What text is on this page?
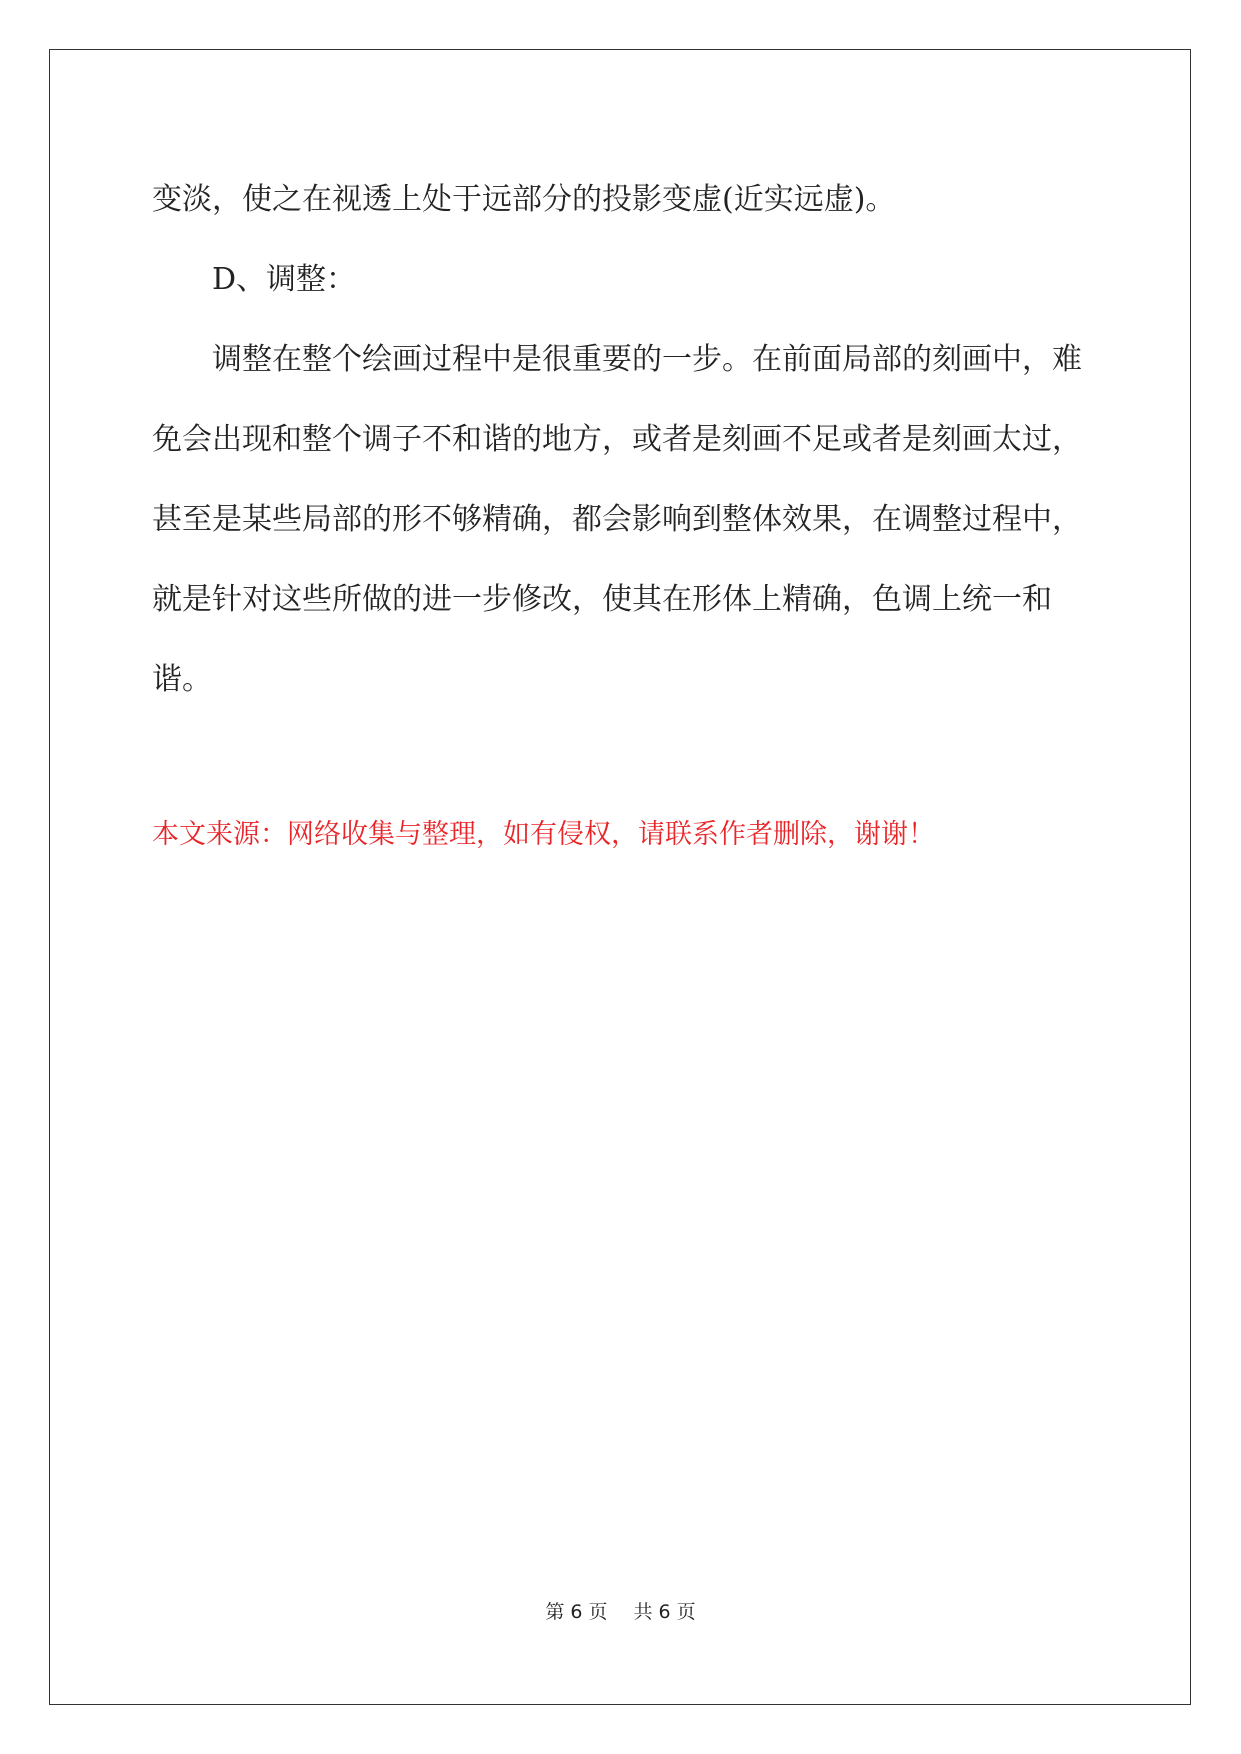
变淡，使之在视透上处于远部分的投影变虚(近实远虚)。

D、调整：

调整在整个绘画过程中是很重要的一步。在前面局部的刻画中，难免会出现和整个调子不和谐的地方，或者是刻画不足或者是刻画太过，甚至是某些局部的形不够精确，都会影响到整体效果，在调整过程中，就是针对这些所做的进一步修改，使其在形体上精确，色调上统一和谐。

本文来源：网络收集与整理，如有侵权，请联系作者删除，谢谢！
第 6 页 共 6 页
